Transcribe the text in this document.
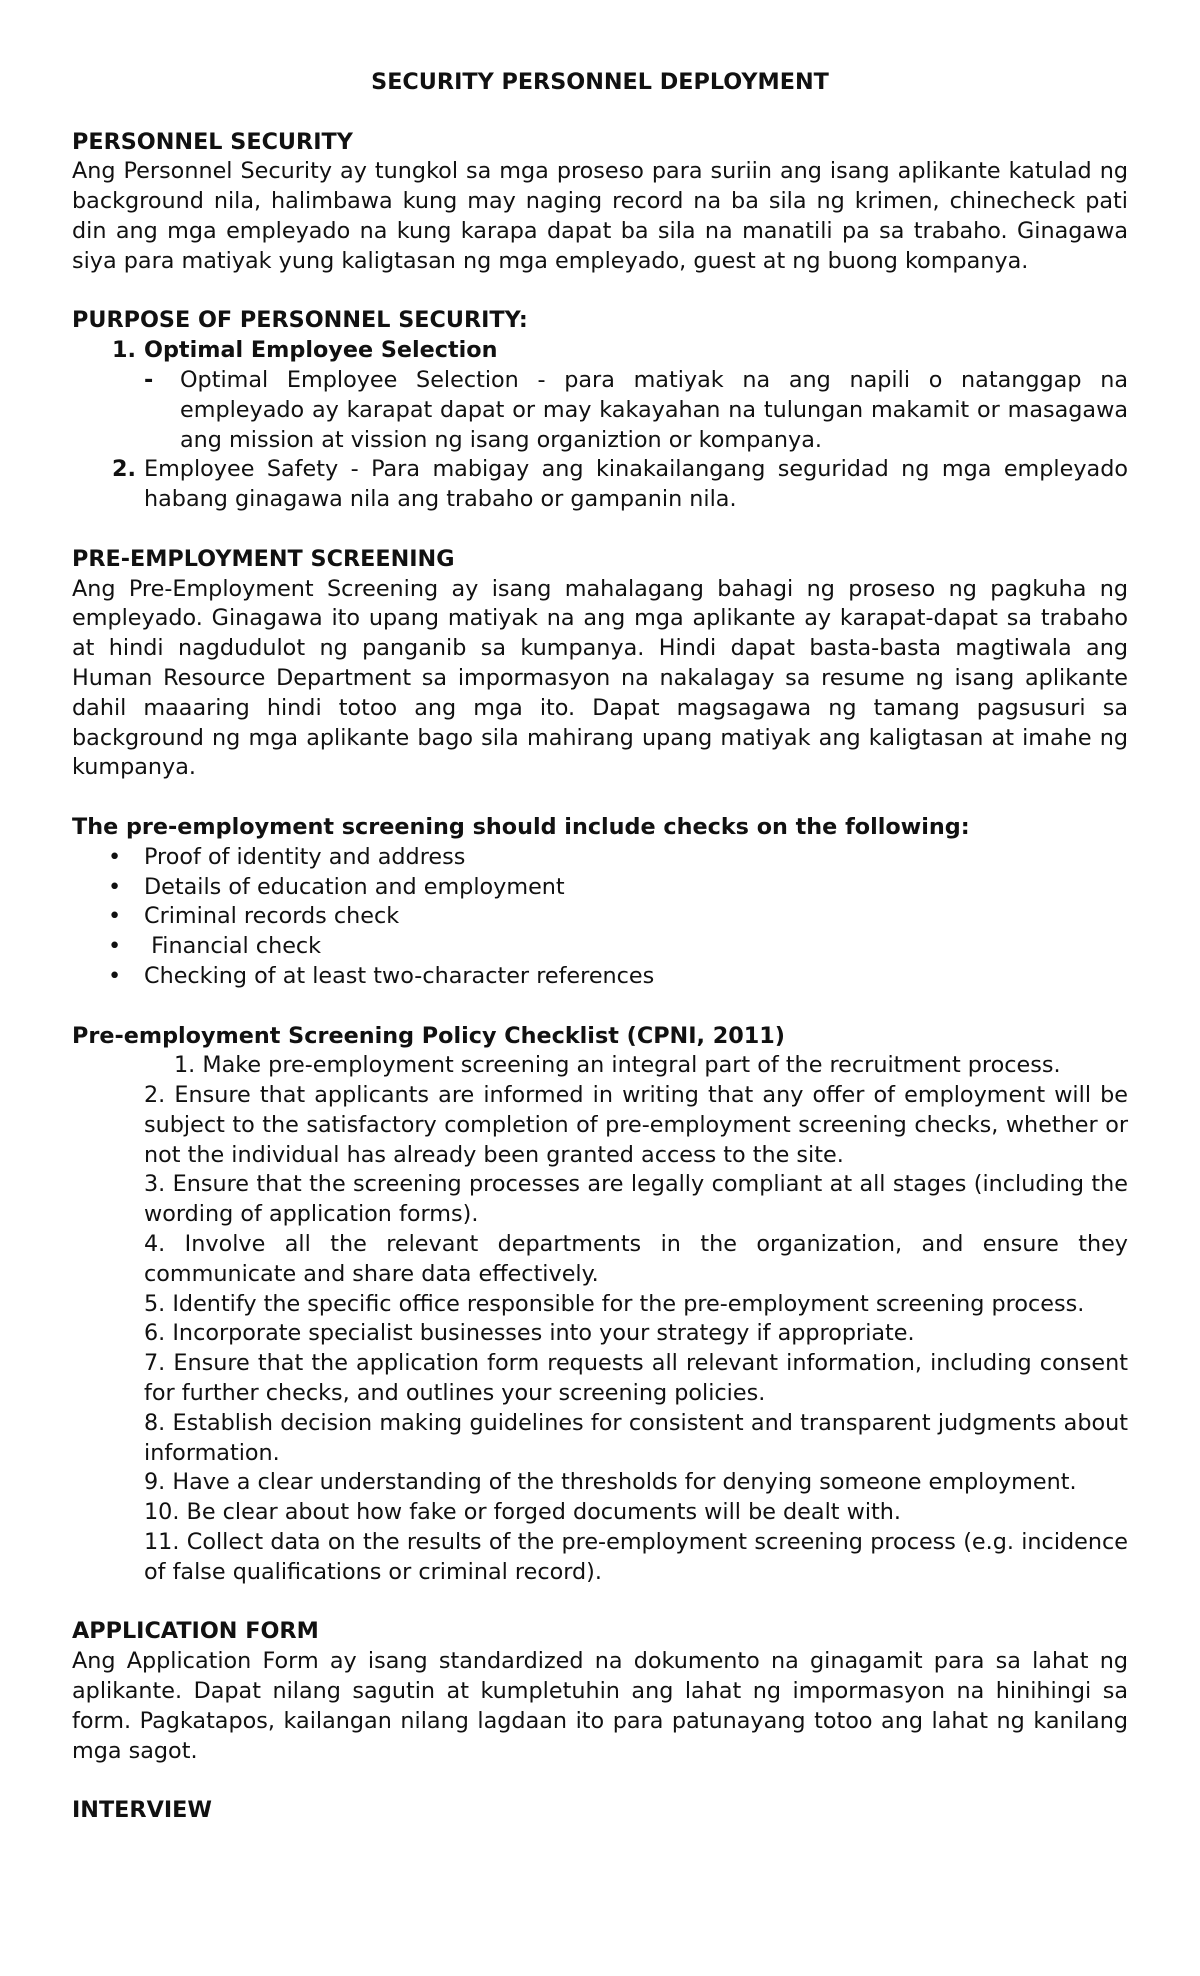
SECURITY PERSONNEL DEPLOYMENT

PERSONNEL SECURITY

Ang Personnel Security ay tungkol sa mga proseso para suriin ang isang aplikante katulad ng background nila, halimbawa kung may naging record na ba sila ng krimen, chinecheck pati din ang mga empleyado na kung karapa dapat ba sila na manatili pa sa trabaho. Ginagawa siya para matiyak yung kaligtasan ng mga empleyado, guest at ng buong kompanya.

PURPOSE OF PERSONNEL SECURITY:

1. Optimal Employee Selection
-	Optimal Employee Selection - para matiyak na ang napili o natanggap na empleyado ay karapat dapat or may kakayahan na tulungan makamit or masagawa ang mission at vission ng isang organiztion or kompanya.
2. Employee Safety - Para mabigay ang kinakailangang seguridad ng mga empleyado habang ginagawa nila ang trabaho or gampanin nila.

PRE-EMPLOYMENT SCREENING

Ang Pre-Employment Screening ay isang mahalagang bahagi ng proseso ng pagkuha ng empleyado. Ginagawa ito upang matiyak na ang mga aplikante ay karapat-dapat sa trabaho at hindi nagdudulot ng panganib sa kumpanya. Hindi dapat basta-basta magtiwala ang Human Resource Department sa impormasyon na nakalagay sa resume ng isang aplikante dahil maaaring hindi totoo ang mga ito. Dapat magsagawa ng tamang pagsusuri sa background ng mga aplikante bago sila mahirang upang matiyak ang kaligtasan at imahe ng kumpanya.

The pre-employment screening should include checks on the following:

•	Proof of identity and address
•	Details of education and employment
•	Criminal records check
•	Financial check
•	Checking of at least two-character references

Pre-employment Screening Policy Checklist (CPNI, 2011)

1. Make pre-employment screening an integral part of the recruitment process.

2. Ensure that applicants are informed in writing that any offer of employment will be subject to the satisfactory completion of pre-employment screening checks, whether or not the individual has already been granted access to the site.

3. Ensure that the screening processes are legally compliant at all stages (including the wording of application forms).

4. Involve all the relevant departments in the organization, and ensure they communicate and share data effectively.

5. Identify the specific office responsible for the pre-employment screening process.

6. Incorporate specialist businesses into your strategy if appropriate.

7. Ensure that the application form requests all relevant information, including consent for further checks, and outlines your screening policies.

8. Establish decision making guidelines for consistent and transparent judgments about information.

9. Have a clear understanding of the thresholds for denying someone employment.

10. Be clear about how fake or forged documents will be dealt with.

11. Collect data on the results of the pre-employment screening process (e.g. incidence of false qualifications or criminal record).

APPLICATION FORM

Ang Application Form ay isang standardized na dokumento na ginagamit para sa lahat ng aplikante. Dapat nilang sagutin at kumpletuhin ang lahat ng impormasyon na hinihingi sa form. Pagkatapos, kailangan nilang lagdaan ito para patunayang totoo ang lahat ng kanilang mga sagot.

INTERVIEW
